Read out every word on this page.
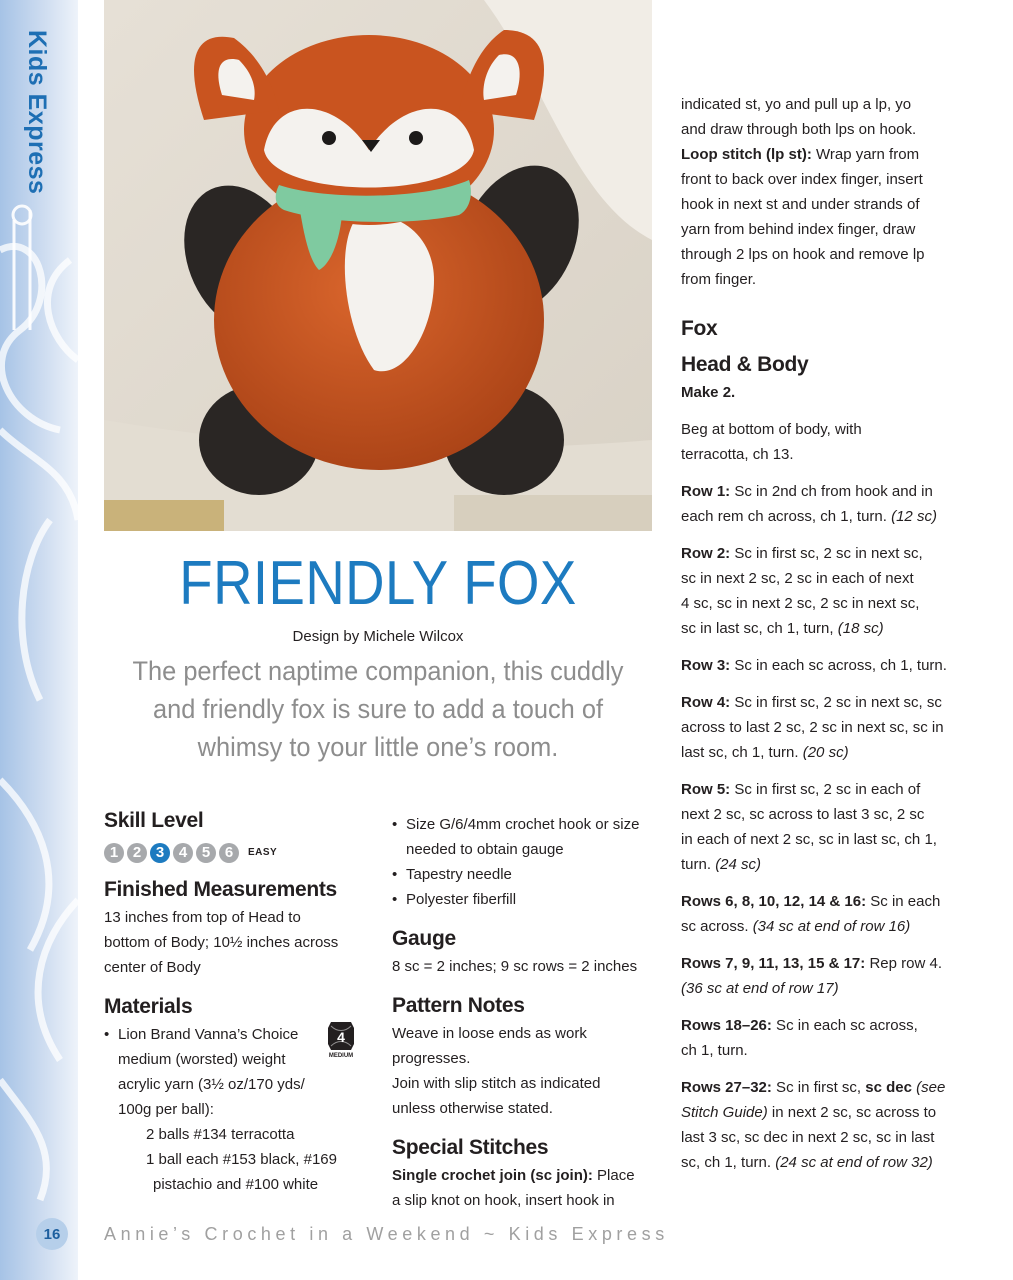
Kids Express
FRIENDLY FOX
Design by Michele Wilcox
The perfect naptime companion, this cuddly
and friendly fox is sure to add a touch of
whimsy to your little one’s room.
Skill Level
1 2 3 4 5 6	EASY
Finished Measurements

13 inches from top of Head to

bottom of Body; 10½ inches across

center of Body

Materials
• Lion Brand Vanna’s Choice
medium (worsted) weight
acrylic yarn (3½ oz/170 yds/
100g per ball):
2 balls #134 terracotta
1 ball each #153 black, #169
pistachio and #100 white
4
MEDIUM
• Size G/6/4mm crochet hook or size
needed to obtain gauge
• Tapestry needle
• Polyester fiberfill
Gauge

8 sc = 2 inches; 9 sc rows = 2 inches

Pattern Notes

Weave in loose ends as work

progresses.

Join with slip stitch as indicated

unless otherwise stated.

Special Stitches

Single crochet join (sc join): Place

a slip knot on hook, insert hook in

indicated st, yo and pull up a lp, yo

and draw through both lps on hook.

Loop stitch (lp st): Wrap yarn from

front to back over index finger, insert

hook in next st and under strands of

yarn from behind index finger, draw

through 2 lps on hook and remove lp

from finger.

Fox
Head & Body

Make 2.

Beg at bottom of body, with

terracotta, ch 13.

Row 1: Sc in 2nd ch from hook and in

each rem ch across, ch 1, turn. (12 sc)

Row 2: Sc in first sc, 2 sc in next sc,

sc in next 2 sc, 2 sc in each of next

4 sc, sc in next 2 sc, 2 sc in next sc,

sc in last sc, ch 1, turn, (18 sc)

Row 3: Sc in each sc across, ch 1, turn.

Row 4: Sc in first sc, 2 sc in next sc, sc

across to last 2 sc, 2 sc in next sc, sc in

last sc, ch 1, turn. (20 sc)

Row 5: Sc in first sc, 2 sc in each of

next 2 sc, sc across to last 3 sc, 2 sc

in each of next 2 sc, sc in last sc, ch 1,

turn. (24 sc)

Rows 6, 8, 10, 12, 14 & 16: Sc in each

sc across. (34 sc at end of row 16)

Rows 7, 9, 11, 13, 15 & 17: Rep row 4.

(36 sc at end of row 17)

Rows 18–26: Sc in each sc across,

ch 1, turn.

Rows 27–32: Sc in first sc, sc dec (see

Stitch Guide) in next 2 sc, sc across to

last 3 sc, sc dec in next 2 sc, sc in last

sc, ch 1, turn. (24 sc at end of row 32)

16	Annie’s Crochet in a Weekend ~ Kids Express
